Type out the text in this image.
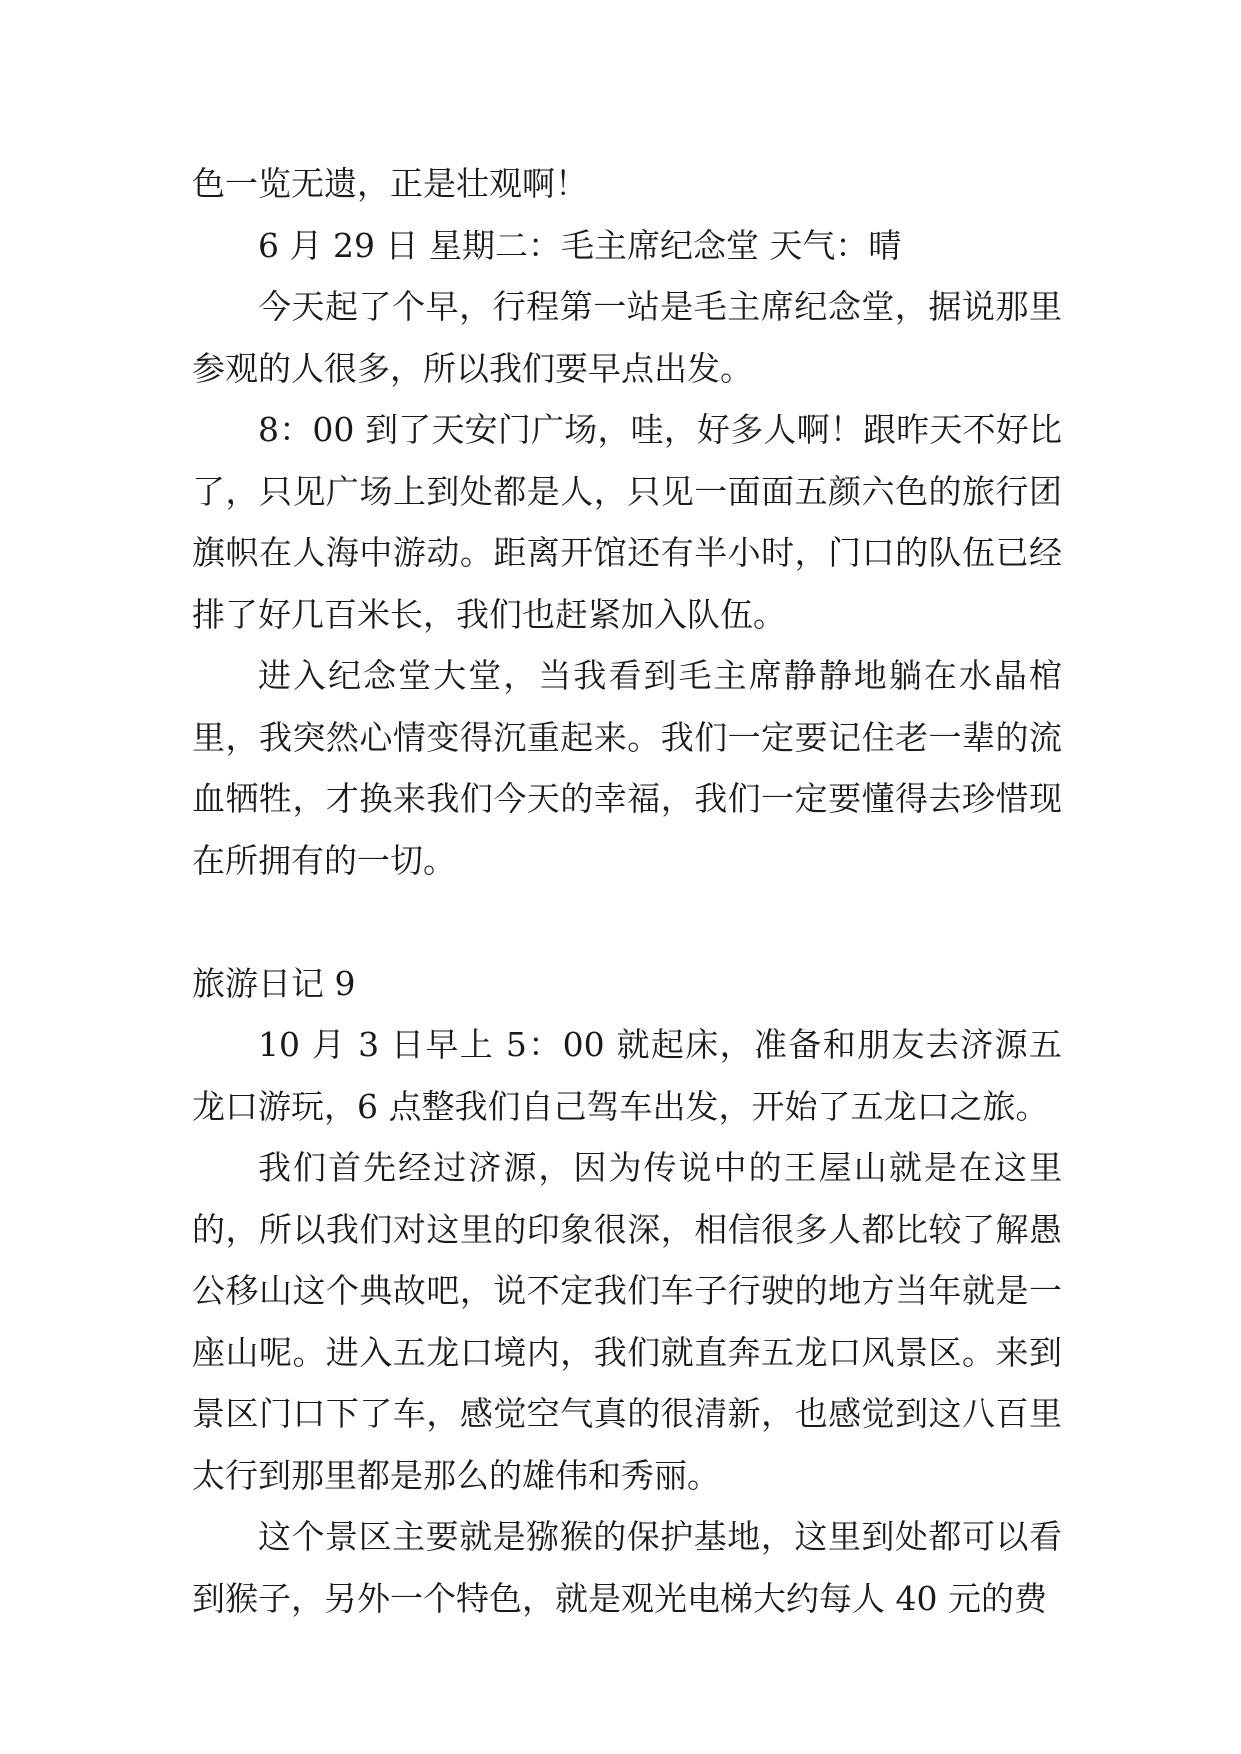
色一览无遗，正是壮观啊！

6 月 29 日 星期二：毛主席纪念堂 天气：晴

今天起了个早，行程第一站是毛主席纪念堂，据说那里参观的人很多，所以我们要早点出发。

8：00 到了天安门广场，哇，好多人啊！跟昨天不好比了，只见广场上到处都是人，只见一面面五颜六色的旅行团旗帜在人海中游动。距离开馆还有半小时，门口的队伍已经排了好几百米长，我们也赶紧加入队伍。

进入纪念堂大堂，当我看到毛主席静静地躺在水晶棺里，我突然心情变得沉重起来。我们一定要记住老一辈的流血牺牲，才换来我们今天的幸福，我们一定要懂得去珍惜现在所拥有的一切。

旅游日记 9

10 月 3 日早上 5：00 就起床，准备和朋友去济源五龙口游玩，6 点整我们自己驾车出发，开始了五龙口之旅。

我们首先经过济源，因为传说中的王屋山就是在这里的，所以我们对这里的印象很深，相信很多人都比较了解愚公移山这个典故吧，说不定我们车子行驶的地方当年就是一座山呢。进入五龙口境内，我们就直奔五龙口风景区。来到景区门口下了车，感觉空气真的很清新，也感觉到这八百里太行到那里都是那么的雄伟和秀丽。

这个景区主要就是猕猴的保护基地，这里到处都可以看到猴子，另外一个特色，就是观光电梯大约每人 40 元的费
